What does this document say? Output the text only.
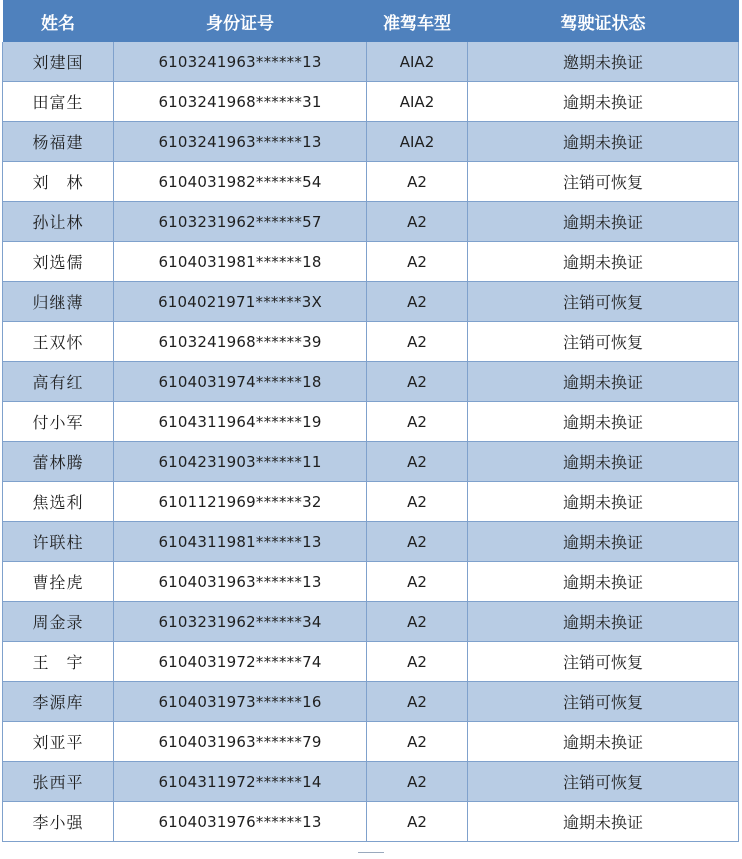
姓名	身份证号	准驾车型	驾驶证状态
刘建国	6103241963******13	AIA2	邀期未换证
田富生	6103241968******31	AIA2	逾期未换证
杨福建	6103241963******13	AIA2	逾期未换证
刘　林	6104031982******54	A2	注销可恢复
孙让林	6103231962******57	A2	逾期未换证
刘选儒	6104031981******18	A2	逾期未换证
归继薄	6104021971******3X	A2	注销可恢复
王双怀	6103241968******39	A2	注销可恢复
高有红	6104031974******18	A2	逾期未换证
付小军	6104311964******19	A2	逾期未换证
蕾林腾	6104231903******11	A2	逾期未换证
焦选利	6101121969******32	A2	逾期未换证
许联柱	6104311981******13	A2	逾期未换证
曹拴虎	6104031963******13	A2	逾期未换证
周金录	6103231962******34	A2	逾期未换证
王　宇	6104031972******74	A2	注销可恢复
李源库	6104031973******16	A2	注销可恢复
刘亚平	6104031963******79	A2	逾期未换证
张西平	6104311972******14	A2	注销可恢复
李小强	6104031976******13	A2	逾期未换证
